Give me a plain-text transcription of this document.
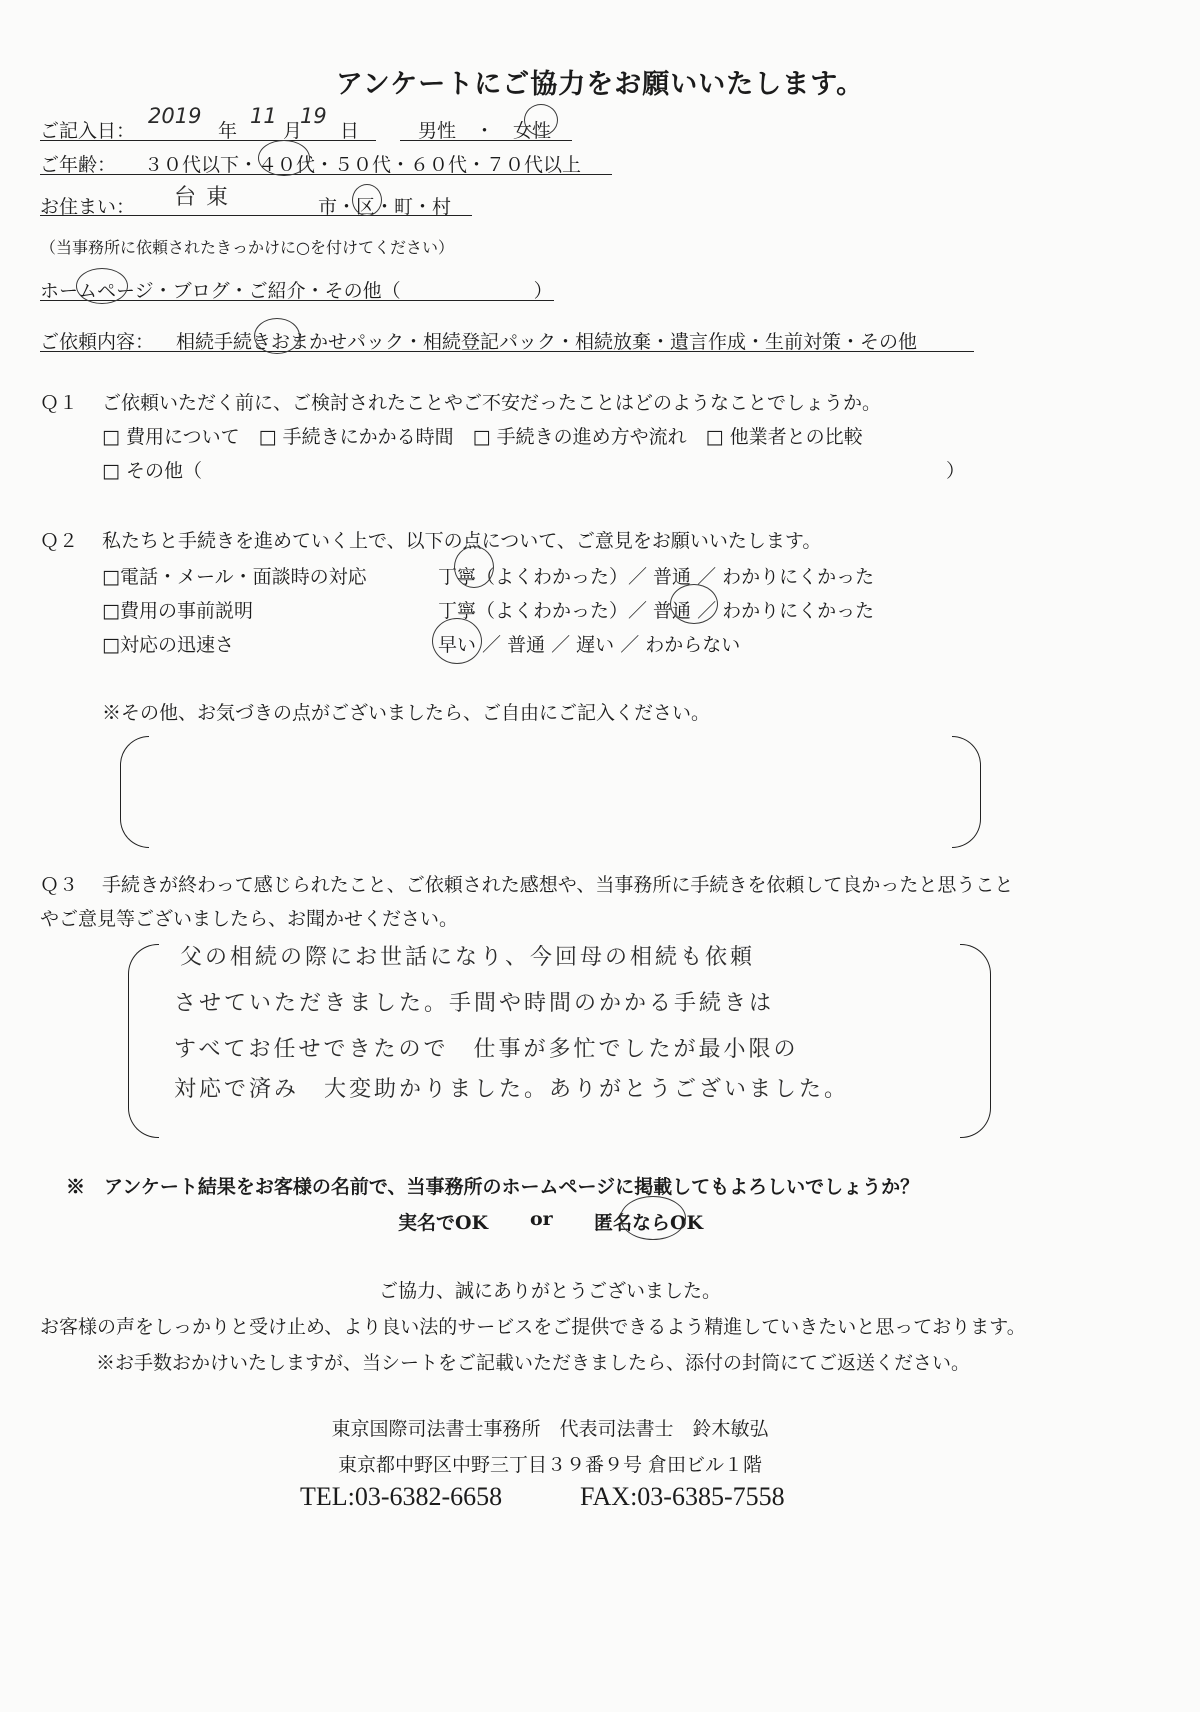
アンケートにご協力をお願いいたします。
ご記入日：
2019
年
11
月
19
日	男性　・　女性
ご年齢： ３０代以下・４０代・５０代・６０代・７０代以上
お住まい： 台東	市・区・町・村
（当事務所に依頼されたきっかけに○を付けてください）
ホームページ・ブログ・ご紹介・その他（　　　　　　　）
ご依頼内容： 相続手続きおまかせパック・相続登記パック・相続放棄・遺言作成・生前対策・その他
Ｑ１ ご依頼いただく前に、ご検討されたことやご不安だったことはどのようなことでしょうか。
□ 費用について　□ 手続きにかかる時間　□ 手続きの進め方や流れ　□ 他業者との比較
□ その他（	）
Ｑ２ 私たちと手続きを進めていく上で、以下の点について、ご意見をお願いいたします。
□電話・メール・面談時の対応	丁寧（よくわかった）／ 普通 ／ わかりにくかった
□費用の事前説明	丁寧（よくわかった）／ 普通 ／ わかりにくかった
□対応の迅速さ	早い ／ 普通 ／ 遅い ／ わからない
※その他、お気づきの点がございましたら、ご自由にご記入ください。
Ｑ３ 手続きが終わって感じられたこと、ご依頼された感想や、当事務所に手続きを依頼して良かったと思うこと
やご意見等ございましたら、お聞かせください。
父の相続の際にお世話になり、今回母の相続も依頼
させていただきました。手間や時間のかかる手続きは
すべてお任せできたので　仕事が多忙でしたが最小限の
対応で済み　大変助かりました。ありがとうございました。
※　アンケート結果をお客様の名前で、当事務所のホームページに掲載してもよろしいでしょうか？
実名でOK or 匿名ならOK
ご協力、誠にありがとうございました。
お客様の声をしっかりと受け止め、より良い法的サービスをご提供できるよう精進していきたいと思っております。
※お手数おかけいたしますが、当シートをご記載いただきましたら、添付の封筒にてご返送ください。
東京国際司法書士事務所　代表司法書士　鈴木敏弘
東京都中野区中野三丁目３９番９号 倉田ビル１階
TEL:03-6382-6658	FAX:03-6385-7558
